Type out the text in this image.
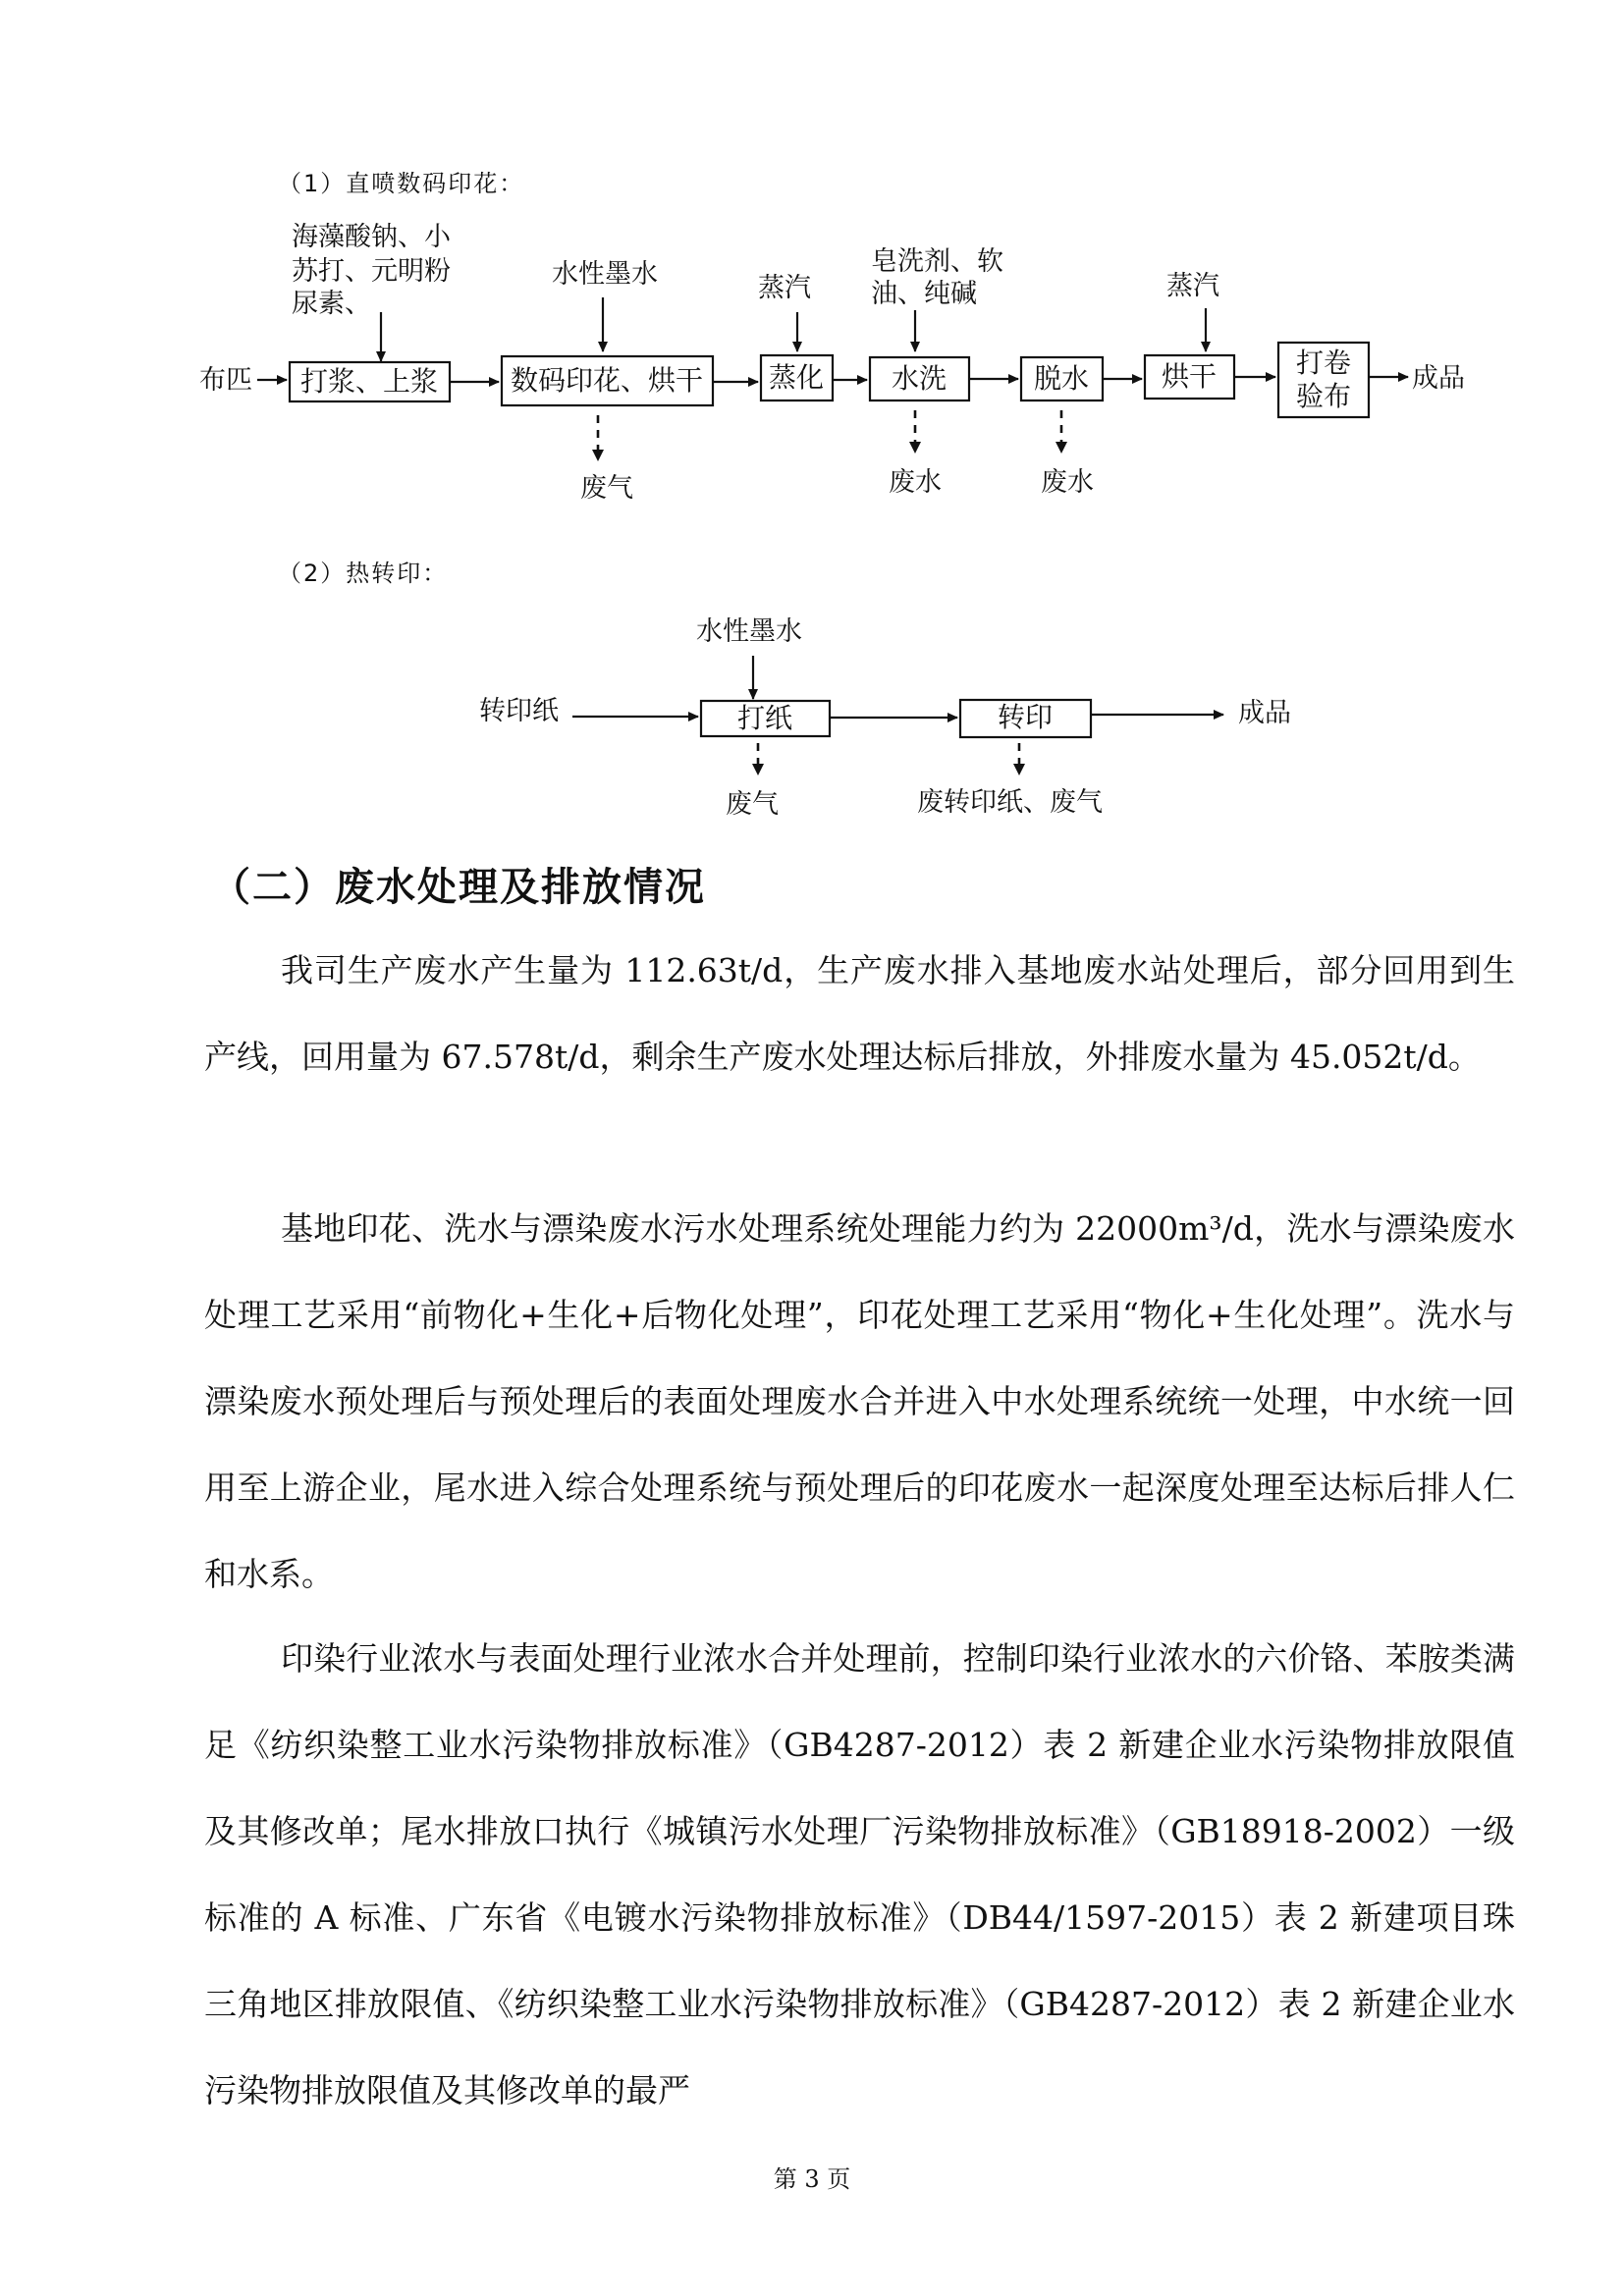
（1）直喷数码印花：
海藻酸钠、小
苏打、元明粉
尿素、
水性墨水	蒸汽
皂洗剂、软
油、纯碱	蒸汽
布匹 打浆、上浆	数码印花、烘干 蒸化 水洗	脱水	烘干	打卷
验布
成品
废气	废水	废水
（2）热转印：
水性墨水
转印纸	打纸	转印	成品
废气	废转印纸、废气
（二）废水处理及排放情况

我司生产废水产生量为 112.63t/d，生产废水排入基地废水站处理后，部分回用到生产线，回用量为 67.578t/d，剩余生产废水处理达标后排放，外排废水量为 45.052t/d。

基地印花、洗水与漂染废水污水处理系统处理能力约为 22000m³/d，洗水与漂染废水处理工艺采用“前物化+生化+后物化处理”，印花处理工艺采用“物化+生化处理”。洗水与漂染废水预处理后与预处理后的表面处理废水合并进入中水处理系统统一处理，中水统一回用至上游企业，尾水进入综合处理系统与预处理后的印花废水一起深度处理至达标后排人仁和水系。

印染行业浓水与表面处理行业浓水合并处理前，控制印染行业浓水的六价铬、苯胺类满足《纺织染整工业水污染物排放标准》（GB4287-2012）表 2 新建企业水污染物排放限值及其修改单；尾水排放口执行《城镇污水处理厂污染物排放标准》（GB18918-2002）一级标准的 A 标准、广东省《电镀水污染物排放标准》（DB44/1597-2015）表 2 新建项目珠三角地区排放限值、《纺织染整工业水污染物排放标准》（GB4287-2012）表 2 新建企业水污染物排放限值及其修改单的最严

第 3 页
